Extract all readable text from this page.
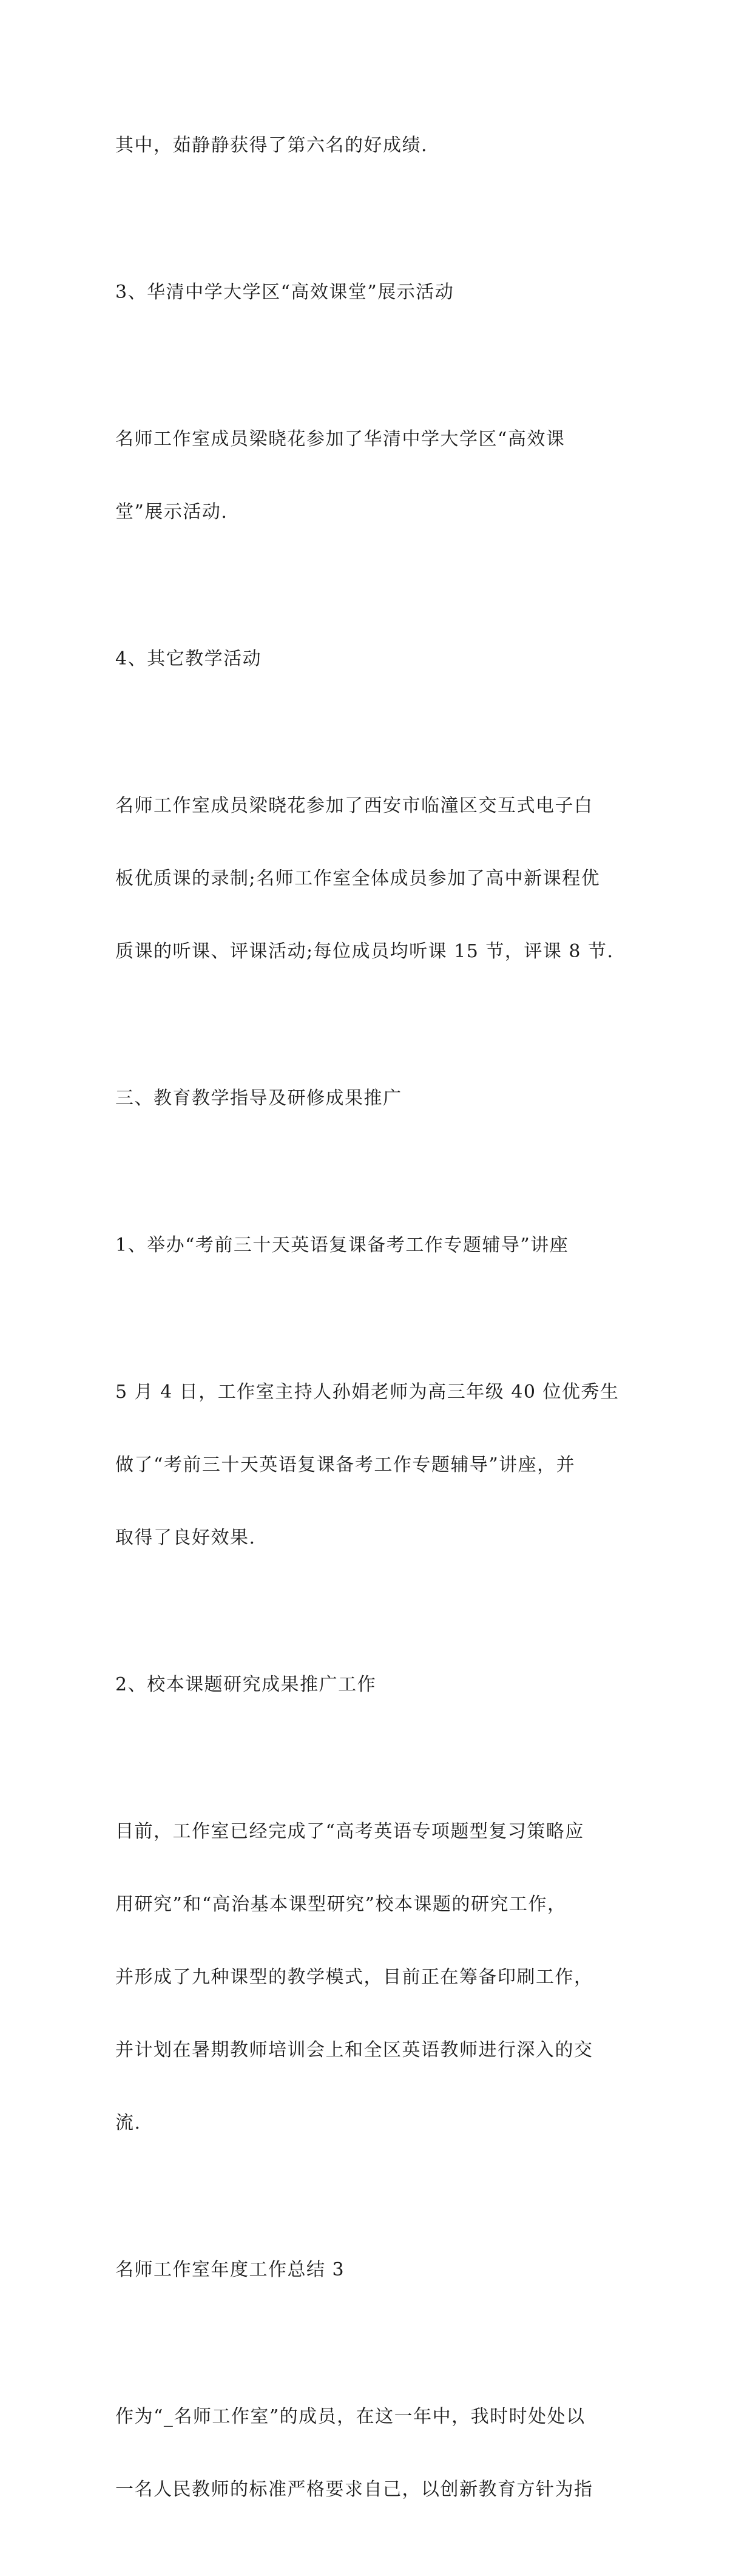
其中，茹静静获得了第六名的好成绩.

3、华清中学大学区“高效课堂”展示活动

名师工作室成员梁晓花参加了华清中学大学区“高效课

堂”展示活动.

4、其它教学活动

名师工作室成员梁晓花参加了西安市临潼区交互式电子白

板优质课的录制;名师工作室全体成员参加了高中新课程优

质课的听课、评课活动;每位成员均听课 15 节，评课 8 节.

三、教育教学指导及研修成果推广

1、举办“考前三十天英语复课备考工作专题辅导”讲座

5 月 4 日，工作室主持人孙娟老师为高三年级 40 位优秀生

做了“考前三十天英语复课备考工作专题辅导”讲座，并

取得了良好效果.

2、校本课题研究成果推广工作

目前，工作室已经完成了“高考英语专项题型复习策略应

用研究”和“高治基本课型研究”校本课题的研究工作，

并形成了九种课型的教学模式，目前正在筹备印刷工作，

并计划在暑期教师培训会上和全区英语教师进行深入的交

流.

名师工作室年度工作总结 3

作为“_名师工作室”的成员，在这一年中，我时时处处以

一名人民教师的标准严格要求自己，以创新教育方针为指
